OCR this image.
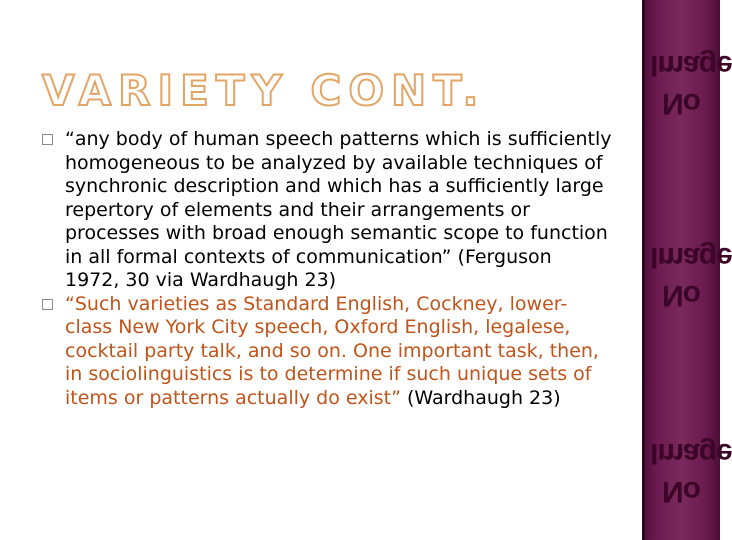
VARIETY CONT.
“any body of human speech patterns which is sufficiently homogeneous to be analyzed by available techniques of synchronic description and which has a sufficiently large repertory of elements and their arrangements or processes with broad enough semantic scope to function in all formal contexts of communication” (Ferguson 1972, 30 via Wardhaugh 23)
“Such varieties as Standard English, Cockney, lower-class New York City speech, Oxford English, legalese, cocktail party talk, and so on. One important task, then, in sociolinguistics is to determine if such unique sets of items or patterns actually do exist” (Wardhaugh 23)
No
Image
No
Image
No
Image
